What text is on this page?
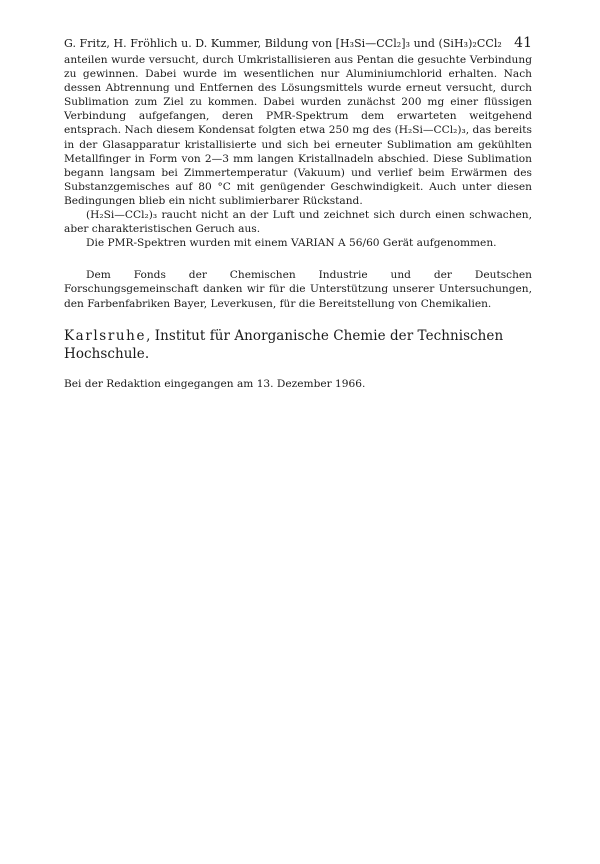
G. Fritz, H. Fröhlich u. D. Kummer, Bildung von [H₃Si—CCl₂]₃ und (SiH₃)₂CCl₂ 41

anteilen wurde versucht, durch Umkristallisieren aus Pentan die gesuchte Verbindung zu gewinnen. Dabei wurde im wesentlichen nur Aluminiumchlorid erhalten. Nach dessen Abtrennung und Entfernen des Lösungsmittels wurde erneut versucht, durch Sublimation zum Ziel zu kommen. Dabei wurden zunächst 200 mg einer flüssigen Verbindung aufgefangen, deren PMR-Spektrum dem erwarteten weitgehend entsprach. Nach diesem Kondensat folgten etwa 250 mg des (H₂Si—CCl₂)₃, das bereits in der Glasapparatur kristallisierte und sich bei erneuter Sublimation am gekühlten Metallfinger in Form von 2—3 mm langen Kristallnadeln abschied. Diese Sublimation begann langsam bei Zimmertemperatur (Vakuum) und verlief beim Erwärmen des Substanzgemisches auf 80 °C mit genügender Geschwindigkeit. Auch unter diesen Bedingungen blieb ein nicht sublimierbarer Rückstand.

(H₂Si—CCl₂)₃ raucht nicht an der Luft und zeichnet sich durch einen schwachen, aber charakteristischen Geruch aus.

Die PMR-Spektren wurden mit einem VARIAN A 56/60 Gerät aufgenommen.

Dem Fonds der Chemischen Industrie und der Deutschen Forschungsgemeinschaft danken wir für die Unterstützung unserer Untersuchungen, den Farbenfabriken Bayer, Leverkusen, für die Bereitstellung von Chemikalien.

Karlsruhe, Institut für Anorganische Chemie der Technischen Hochschule.
Bei der Redaktion eingegangen am 13. Dezember 1966.
